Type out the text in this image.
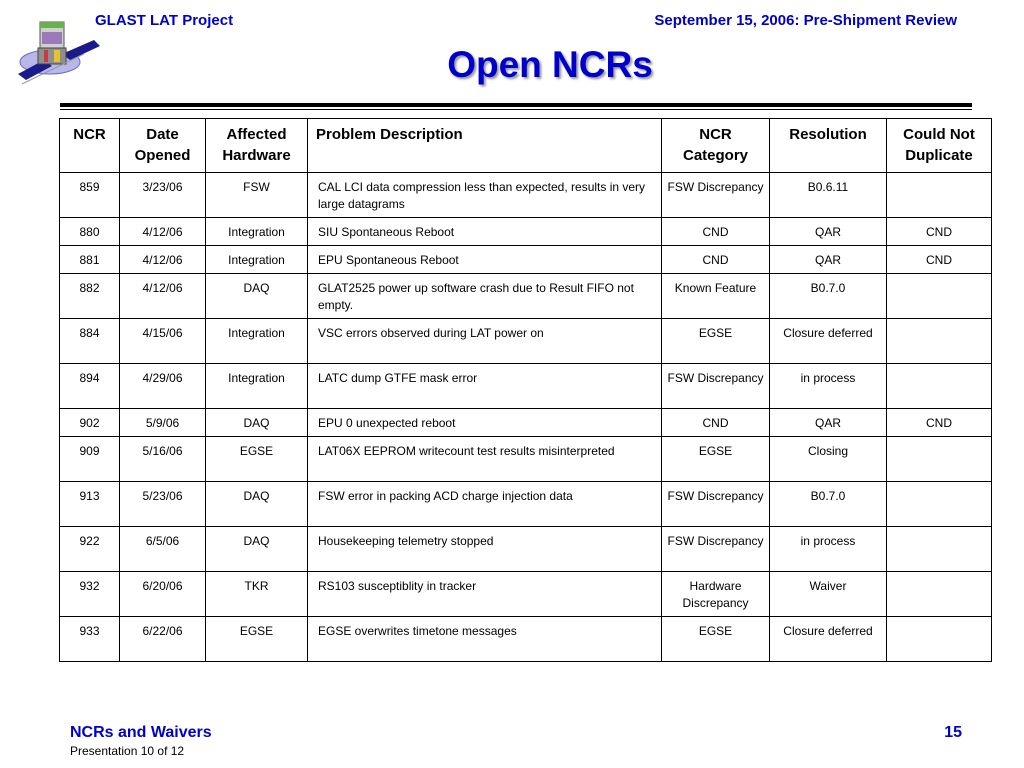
GLAST LAT Project	September 15, 2006: Pre-Shipment Review
Open NCRs
NCR	Date Opened	Affected Hardware	Problem Description	NCR Category	Resolution	Could Not Duplicate
859	3/23/06	FSW	CAL LCI data compression less than expected, results in very large datagrams	FSW Discrepancy	B0.6.11	
880	4/12/06	Integration	SIU Spontaneous Reboot	CND	QAR	CND
881	4/12/06	Integration	EPU Spontaneous Reboot	CND	QAR	CND
882	4/12/06	DAQ	GLAT2525 power up software crash due to Result FIFO not empty.	Known Feature	B0.7.0	
884	4/15/06	Integration	VSC errors observed during LAT power on	EGSE	Closure deferred	
894	4/29/06	Integration	LATC dump GTFE mask error	FSW Discrepancy	in process	
902	5/9/06	DAQ	EPU 0 unexpected reboot	CND	QAR	CND
909	5/16/06	EGSE	LAT06X EEPROM writecount test results misinterpreted	EGSE	Closing	
913	5/23/06	DAQ	FSW error in packing ACD charge injection data	FSW Discrepancy	B0.7.0	
922	6/5/06	DAQ	Housekeeping telemetry stopped	FSW Discrepancy	in process	
932	6/20/06	TKR	RS103 susceptiblity in tracker	Hardware Discrepancy	Waiver	
933	6/22/06	EGSE	EGSE overwrites timetone messages	EGSE	Closure deferred	
NCRs and Waivers
Presentation 10 of 12
15
